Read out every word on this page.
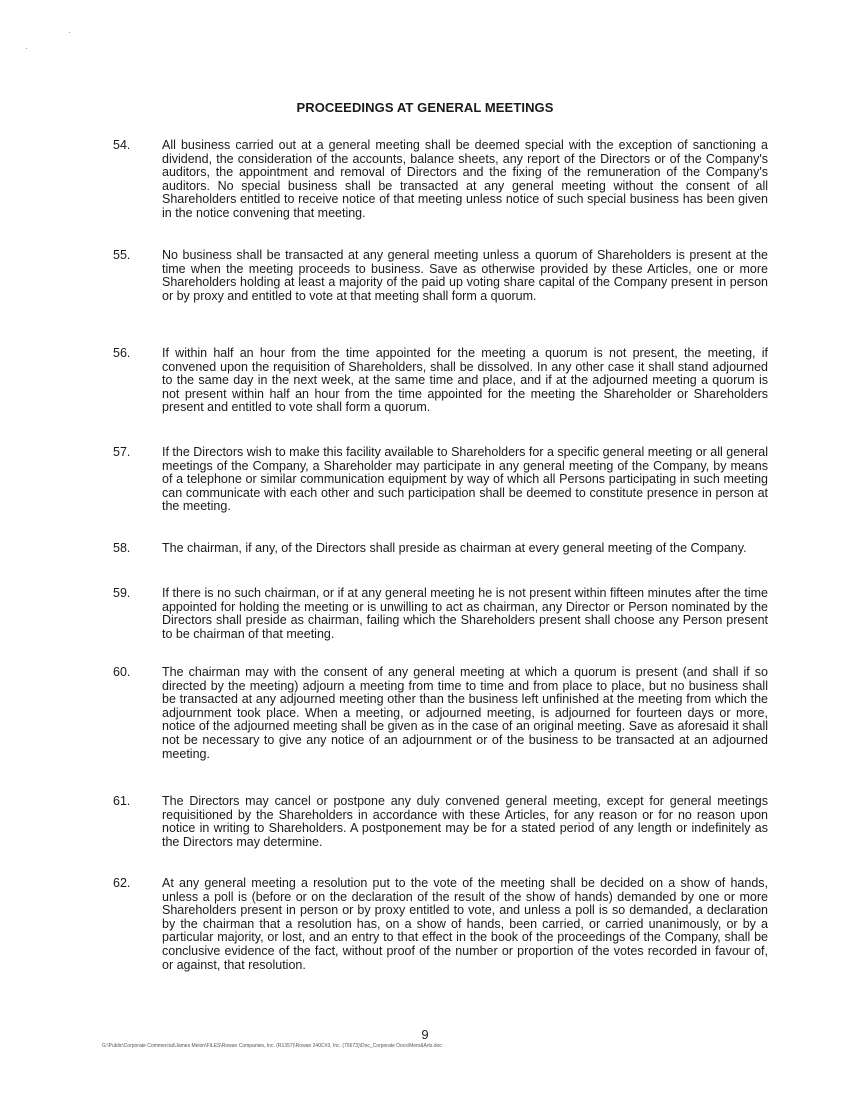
PROCEEDINGS AT GENERAL MEETINGS
54.	All business carried out at a general meeting shall be deemed special with the exception of sanctioning a dividend, the consideration of the accounts, balance sheets, any report of the Directors or of the Company's auditors, the appointment and removal of Directors and the fixing of the remuneration of the Company's auditors. No special business shall be transacted at any general meeting without the consent of all Shareholders entitled to receive notice of that meeting unless notice of such special business has been given in the notice convening that meeting.

55.	No business shall be transacted at any general meeting unless a quorum of Shareholders is present at the time when the meeting proceeds to business. Save as otherwise provided by these Articles, one or more Shareholders holding at least a majority of the paid up voting share capital of the Company present in person or by proxy and entitled to vote at that meeting shall form a quorum.

56.	If within half an hour from the time appointed for the meeting a quorum is not present, the meeting, if convened upon the requisition of Shareholders, shall be dissolved. In any other case it shall stand adjourned to the same day in the next week, at the same time and place, and if at the adjourned meeting a quorum is not present within half an hour from the time appointed for the meeting the Shareholder or Shareholders present and entitled to vote shall form a quorum.

57.	If the Directors wish to make this facility available to Shareholders for a specific general meeting or all general meetings of the Company, a Shareholder may participate in any general meeting of the Company, by means of a telephone or similar communication equipment by way of which all Persons participating in such meeting can communicate with each other and such participation shall be deemed to constitute presence in person at the meeting.

58.	The chairman, if any, of the Directors shall preside as chairman at every general meeting of the Company.

59.	If there is no such chairman, or if at any general meeting he is not present within fifteen minutes after the time appointed for holding the meeting or is unwilling to act as chairman, any Director or Person nominated by the Directors shall preside as chairman, failing which the Shareholders present shall choose any Person present to be chairman of that meeting.

60.	The chairman may with the consent of any general meeting at which a quorum is present (and shall if so directed by the meeting) adjourn a meeting from time to time and from place to place, but no business shall be transacted at any adjourned meeting other than the business left unfinished at the meeting from which the adjournment took place. When a meeting, or adjourned meeting, is adjourned for fourteen days or more, notice of the adjourned meeting shall be given as in the case of an original meeting. Save as aforesaid it shall not be necessary to give any notice of an adjournment or of the business to be transacted at an adjourned meeting.

61.	The Directors may cancel or postpone any duly convened general meeting, except for general meetings requisitioned by the Shareholders in accordance with these Articles, for any reason or for no reason upon notice in writing to Shareholders. A postponement may be for a stated period of any length or indefinitely as the Directors may determine.

62.	At any general meeting a resolution put to the vote of the meeting shall be decided on a show of hands, unless a poll is (before or on the declaration of the result of the show of hands) demanded by one or more Shareholders present in person or by proxy entitled to vote, and unless a poll is so demanded, a declaration by the chairman that a resolution has, on a show of hands, been carried, or carried unanimously, or by a particular majority, or lost, and an entry to that effect in the book of the proceedings of the Company, shall be conclusive evidence of the fact, without proof of the number or proportion of the votes recorded in favour of, or against, that resolution.

9
G:\Public\Corporate Commercial\James Melon\FILES\Rowan Companies, Inc. (R1357)\Rowan 240C#3, Inc. (75673)\Doc_Corporate Docs\Mem&Arts.doc
